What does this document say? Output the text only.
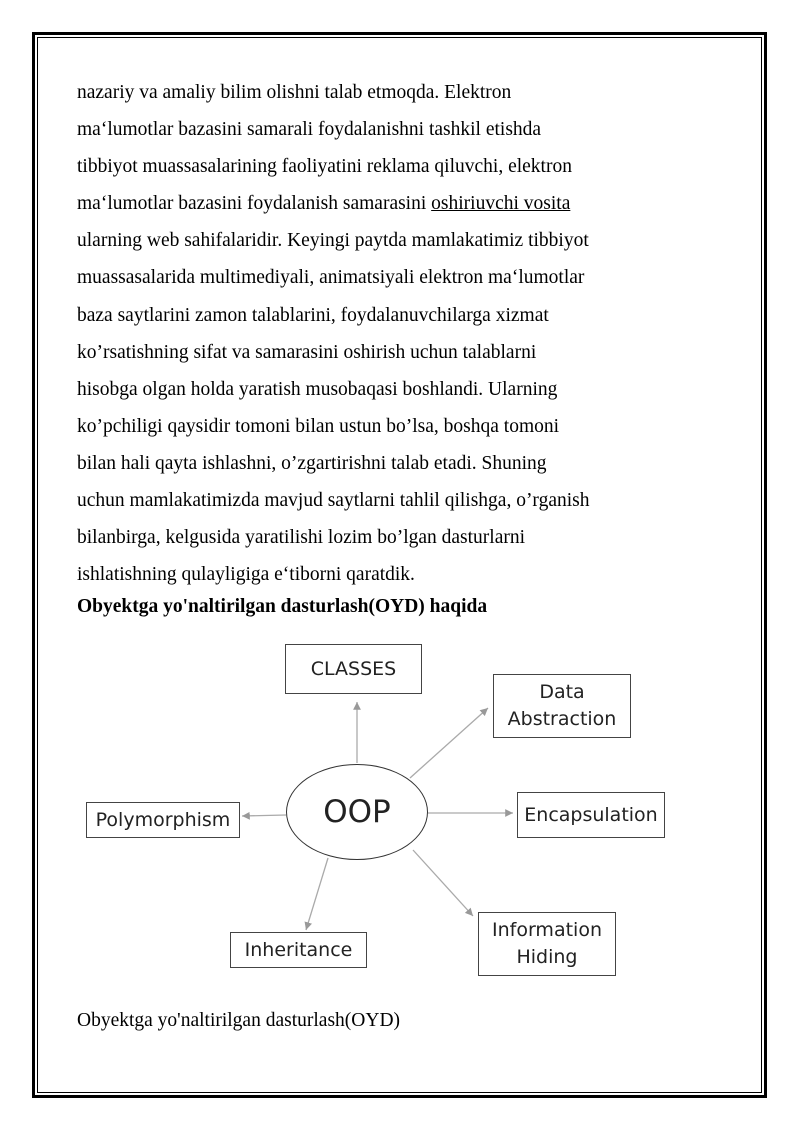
nazariy va amaliy bilim olishni talab etmoqda. Elektron
ma‘lumotlar bazasini samarali foydalanishni tashkil etishda
tibbiyot muassasalarining faoliyatini reklama qiluvchi, elektron
ma‘lumotlar bazasini foydalanish samarasini oshiriuvchi vosita
ularning web sahifalaridir. Keyingi paytda mamlakatimiz tibbiyot
muassasalarida multimediyali, animatsiyali elektron ma‘lumotlar
baza saytlarini zamon talablarini, foydalanuvchilarga xizmat
ko’rsatishning sifat va samarasini oshirish uchun talablarni
hisobga olgan holda yaratish musobaqasi boshlandi. Ularning
ko’pchiligi qaysidir tomoni bilan ustun bo’lsa, boshqa tomoni
bilan hali qayta ishlashni, o’zgartirishni talab etadi. Shuning
uchun mamlakatimizda mavjud saytlarni tahlil qilishga, o’rganish
bilanbirga, kelgusida yaratilishi lozim bo’lgan dasturlarni
ishlatishning qulayligiga e‘tiborni qaratdik.

Obyektga yo'naltirilgan dasturlash(OYD) haqida
OOP
CLASSES
Data
Abstraction
Encapsulation
Information
Hiding
Inheritance
Polymorphism

Obyektga yo'naltirilgan dasturlash(OYD)
